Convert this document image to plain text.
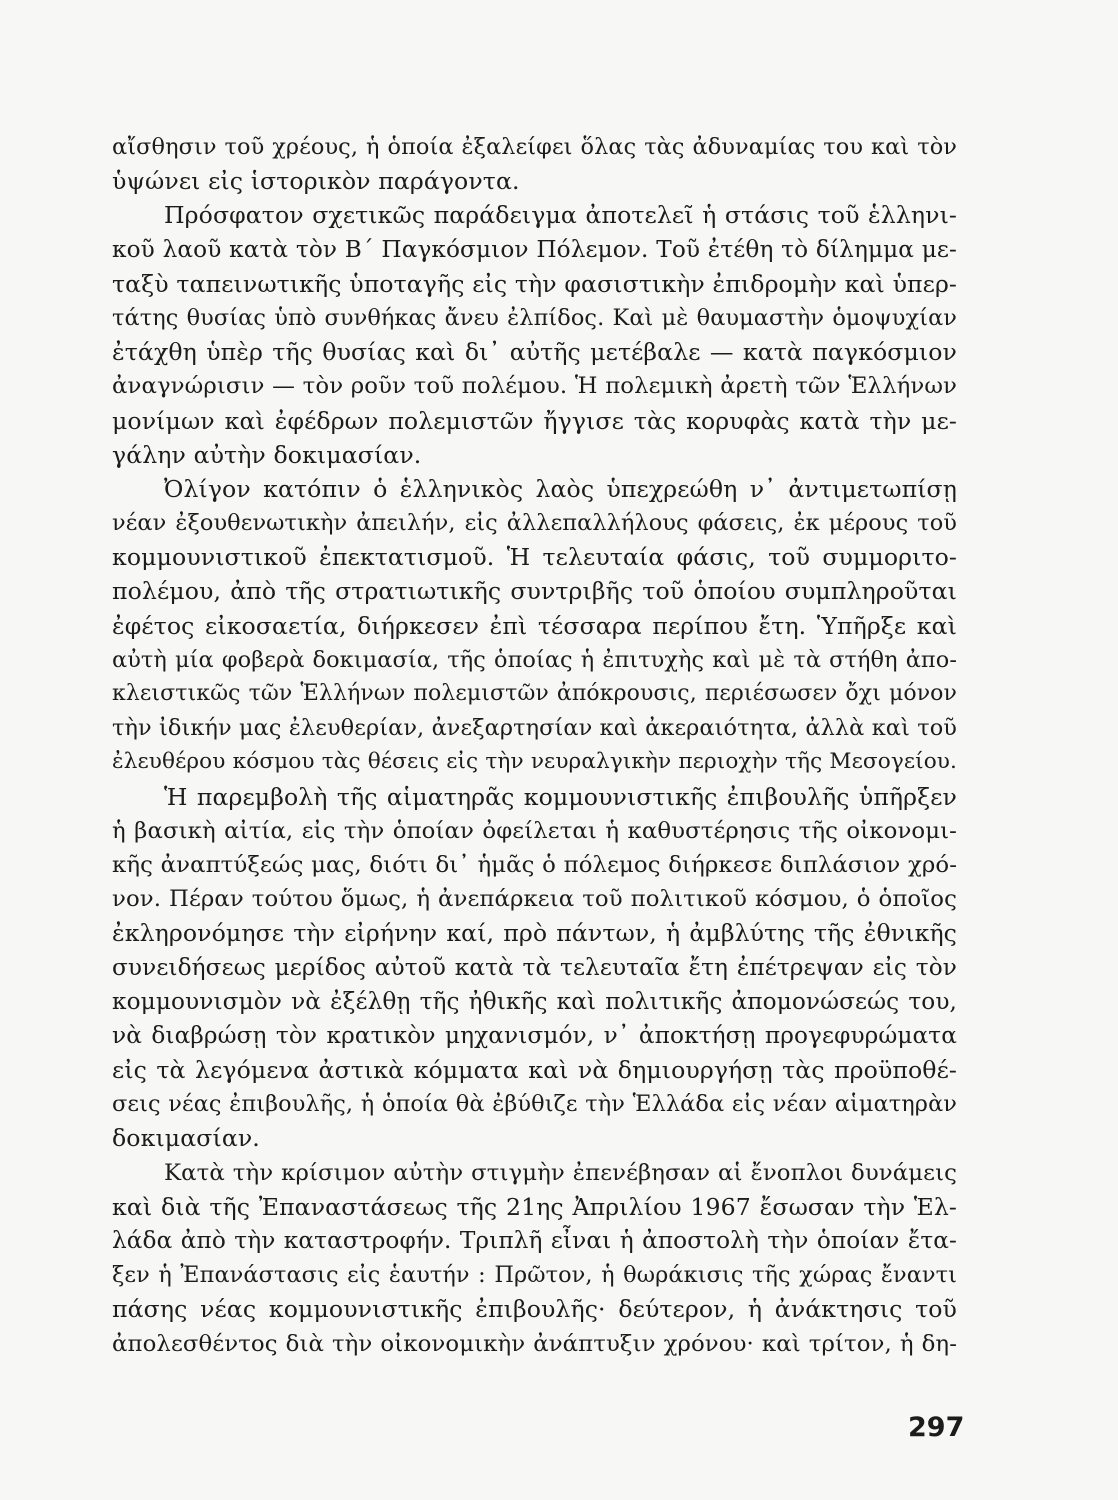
αἴσθησιν τοῦ χρέους, ἡ ὁποία ἐξαλείφει ὅλας τὰς ἀδυναμίας του καὶ τὸν
ὑψώνει εἰς ἱστορικὸν παράγοντα.
Πρόσφατον σχετικῶς παράδειγμα ἀποτελεῖ ἡ στάσις τοῦ ἑλληνι-
κοῦ λαοῦ κατὰ τὸν Β΄ Παγκόσμιον Πόλεμον. Τοῦ ἐτέθη τὸ δίλημμα με-
ταξὺ ταπεινωτικῆς ὑποταγῆς εἰς τὴν φασιστικὴν ἐπιδρομὴν καὶ ὑπερ-
τάτης θυσίας ὑπὸ συνθήκας ἄνευ ἐλπίδος. Καὶ μὲ θαυμαστὴν ὁμοψυχίαν
ἐτάχθη ὑπὲρ τῆς θυσίας καὶ δι᾽ αὐτῆς μετέβαλε — κατὰ παγκόσμιον
ἀναγνώρισιν — τὸν ροῦν τοῦ πολέμου. Ἡ πολεμικὴ ἀρετὴ τῶν Ἑλλήνων
μονίμων καὶ ἐφέδρων πολεμιστῶν ἤγγισε τὰς κορυφὰς κατὰ τὴν με-
γάλην αὐτὴν δοκιμασίαν.
Ὀλίγον κατόπιν ὁ ἑλληνικὸς λαὸς ὑπεχρεώθη ν᾽ ἀντιμετωπίσῃ
νέαν ἐξουθενωτικὴν ἀπειλήν, εἰς ἀλλεπαλλήλους φάσεις, ἐκ μέρους τοῦ
κομμουνιστικοῦ ἐπεκτατισμοῦ. Ἡ τελευταία φάσις, τοῦ συμμοριτο-
πολέμου, ἀπὸ τῆς στρατιωτικῆς συντριβῆς τοῦ ὁποίου συμπληροῦται
ἐφέτος εἰκοσαετία, διήρκεσεν ἐπὶ τέσσαρα περίπου ἔτη. Ὑπῆρξε καὶ
αὐτὴ μία φοβερὰ δοκιμασία, τῆς ὁποίας ἡ ἐπιτυχὴς καὶ μὲ τὰ στήθη ἀπο-
κλειστικῶς τῶν Ἑλλήνων πολεμιστῶν ἀπόκρουσις, περιέσωσεν ὄχι μόνον
τὴν ἰδικήν μας ἐλευθερίαν, ἀνεξαρτησίαν καὶ ἀκεραιότητα, ἀλλὰ καὶ τοῦ
ἐλευθέρου κόσμου τὰς θέσεις εἰς τὴν νευραλγικὴν περιοχὴν τῆς Μεσογείου.
Ἡ παρεμβολὴ τῆς αἱματηρᾶς κομμουνιστικῆς ἐπιβουλῆς ὑπῆρξεν
ἡ βασικὴ αἰτία, εἰς τὴν ὁποίαν ὀφείλεται ἡ καθυστέρησις τῆς οἰκονομι-
κῆς ἀναπτύξεώς μας, διότι δι᾽ ἡμᾶς ὁ πόλεμος διήρκεσε διπλάσιον χρό-
νον. Πέραν τούτου ὅμως, ἡ ἀνεπάρκεια τοῦ πολιτικοῦ κόσμου, ὁ ὁποῖος
ἐκληρονόμησε τὴν εἰρήνην καί, πρὸ πάντων, ἡ ἀμβλύτης τῆς ἐθνικῆς
συνειδήσεως μερίδος αὐτοῦ κατὰ τὰ τελευταῖα ἔτη ἐπέτρεψαν εἰς τὸν
κομμουνισμὸν νὰ ἐξέλθῃ τῆς ἠθικῆς καὶ πολιτικῆς ἀπομονώσεώς του,
νὰ διαβρώσῃ τὸν κρατικὸν μηχανισμόν, ν᾽ ἀποκτήσῃ προγεφυρώματα
εἰς τὰ λεγόμενα ἀστικὰ κόμματα καὶ νὰ δημιουργήσῃ τὰς προϋποθέ-
σεις νέας ἐπιβουλῆς, ἡ ὁποία θὰ ἐβύθιζε τὴν Ἑλλάδα εἰς νέαν αἱματηρὰν
δοκιμασίαν.
Κατὰ τὴν κρίσιμον αὐτὴν στιγμὴν ἐπενέβησαν αἱ ἔνοπλοι δυνάμεις
καὶ διὰ τῆς Ἐπαναστάσεως τῆς 21ης Ἀπριλίου 1967 ἔσωσαν τὴν Ἑλ-
λάδα ἀπὸ τὴν καταστροφήν. Τριπλῆ εἶναι ἡ ἀποστολὴ τὴν ὁποίαν ἔτα-
ξεν ἡ Ἐπανάστασις εἰς ἑαυτήν : Πρῶτον, ἡ θωράκισις τῆς χώρας ἔναντι
πάσης νέας κομμουνιστικῆς ἐπιβουλῆς· δεύτερον, ἡ ἀνάκτησις τοῦ
ἀπολεσθέντος διὰ τὴν οἰκονομικὴν ἀνάπτυξιν χρόνου· καὶ τρίτον, ἡ δη-
297
